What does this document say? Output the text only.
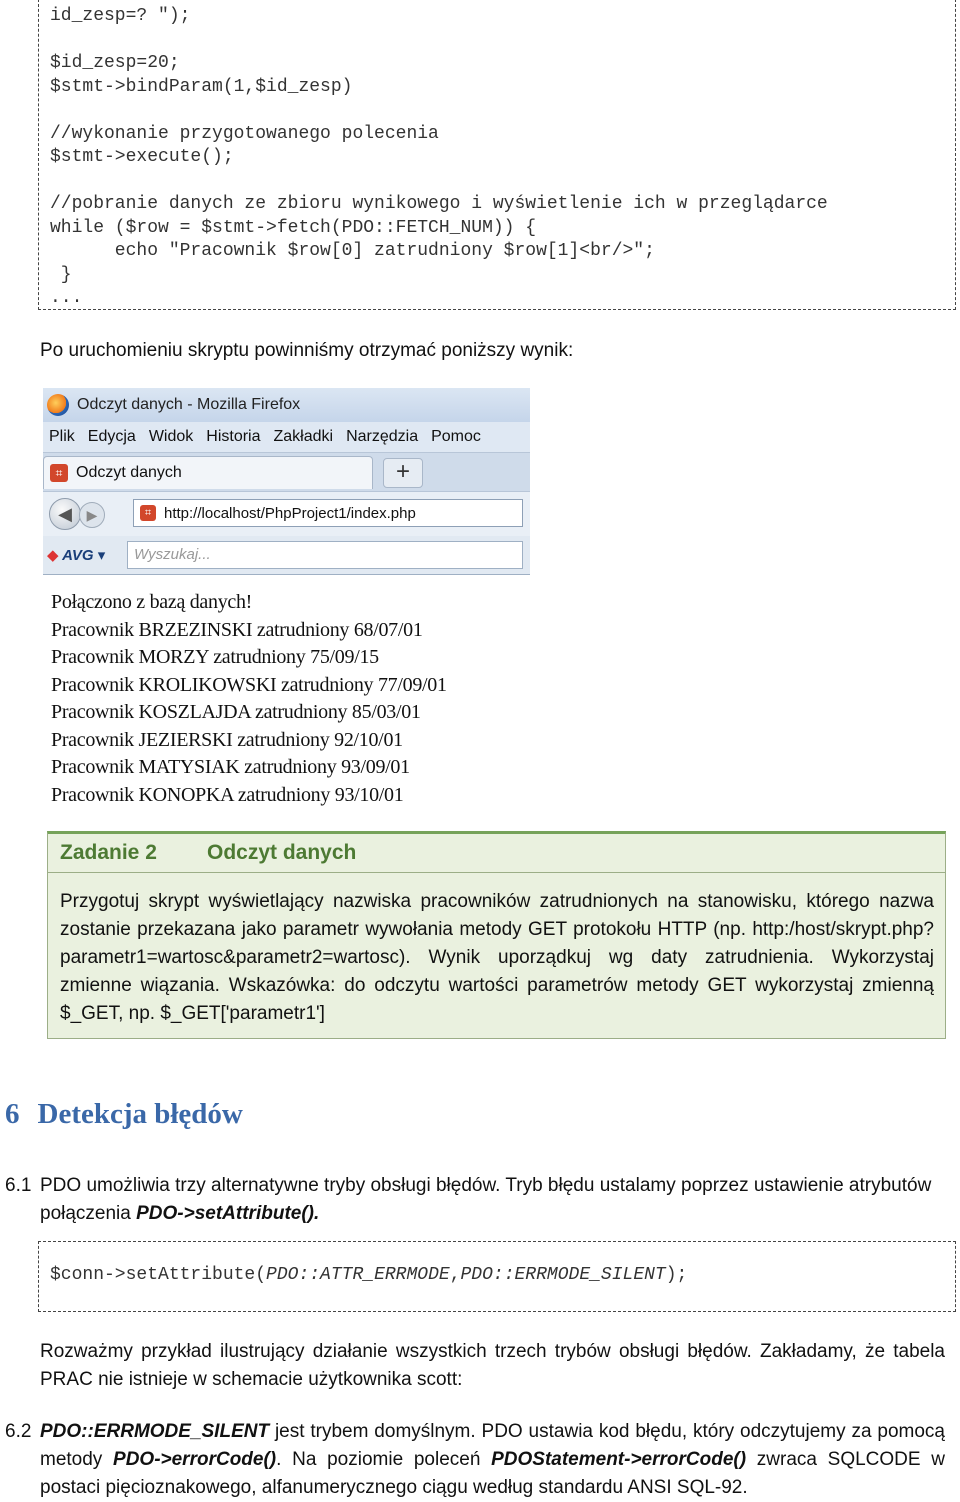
id_zesp=? ");
$id_zesp=20;
$stmt->bindParam(1,$id_zesp)
//wykonanie przygotowanego polecenia
$stmt->execute();
//pobranie danych ze zbioru wynikowego i wyświetlenie ich w przeglądarce
while ($row = $stmt->fetch(PDO::FETCH_NUM)) {
echo "Pracownik $row[0] zatrudniony $row[1]<br/>";
}
...
Po uruchomieniu skryptu powinniśmy otrzymać poniższy wynik:
Odczyt danych - Mozilla Firefox
Plik Edycja Widok Historia Zakładki Narzędzia Pomoc
⌗ Odczyt danych	+
◀	▶	⌗ http://localhost/PhpProject1/index.php
◆ AVG ▾	Wyszukaj...
Połączono z bazą danych!
Pracownik BRZEZINSKI zatrudniony 68/07/01
Pracownik MORZY zatrudniony 75/09/15
Pracownik KROLIKOWSKI zatrudniony 77/09/01
Pracownik KOSZLAJDA zatrudniony 85/03/01
Pracownik JEZIERSKI zatrudniony 92/10/01
Pracownik MATYSIAK zatrudniony 93/09/01
Pracownik KONOPKA zatrudniony 93/10/01
Zadanie 2 Odczyt danych
Przygotuj skrypt wyświetlający nazwiska pracowników zatrudnionych na stanowisku, którego nazwa zostanie przekazana jako parametr wywołania metody GET protokołu HTTP (np. http:/host/skrypt.php?parametr1=wartosc&parametr2=wartosc). Wynik uporządkuj wg daty zatrudnienia. Wykorzystaj zmienne wiązania. Wskazówka: do odczytu wartości parametrów metody GET wykorzystaj zmienną $_GET, np. $_GET['parametr1']
6 Detekcja błędów
6.1 PDO umożliwia trzy alternatywne tryby obsługi błędów. Tryb błędu ustalamy poprzez ustawienie atrybutów połączenia PDO->setAttribute().
$conn->setAttribute(PDO::ATTR_ERRMODE,PDO::ERRMODE_SILENT);
Rozważmy przykład ilustrujący działanie wszystkich trzech trybów obsługi błędów. Zakładamy, że tabela PRAC nie istnieje w schemacie użytkownika scott:
6.2 PDO::ERRMODE_SILENT jest trybem domyślnym. PDO ustawia kod błędu, który odczytujemy za pomocą metody PDO->errorCode(). Na poziomie poleceń PDOStatement->errorCode() zwraca SQLCODE w postaci pięcioznakowego, alfanumerycznego ciągu według standardu ANSI SQL-92.
